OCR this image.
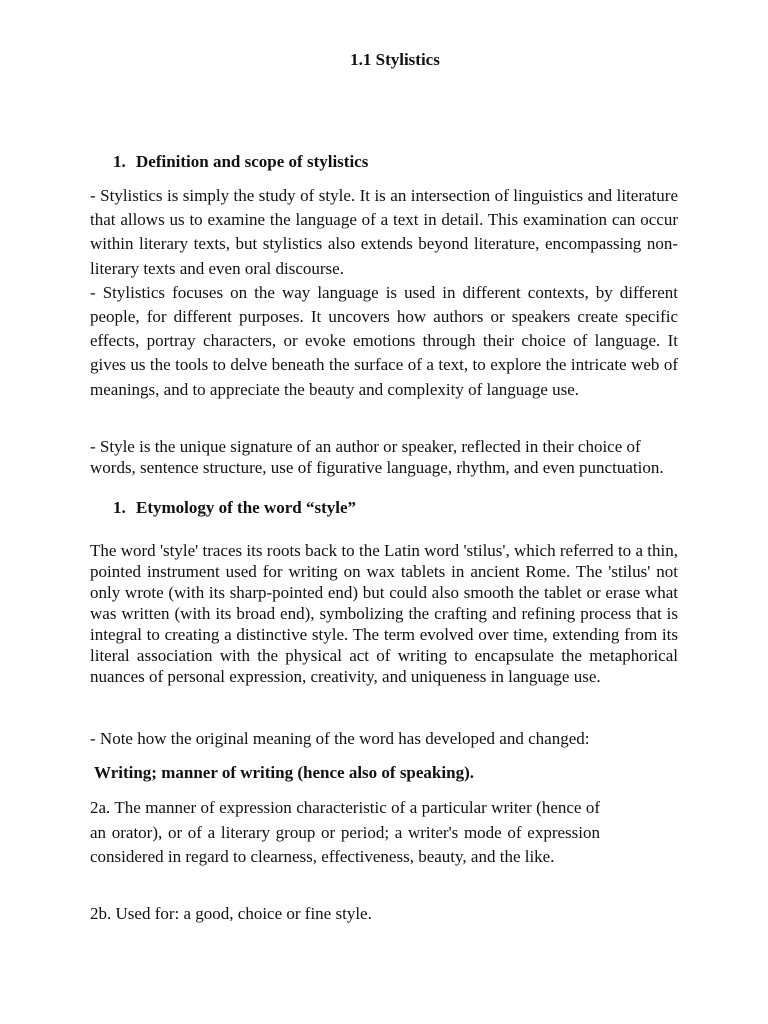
1.1 Stylistics
1. Definition and scope of stylistics

- Stylistics is simply the study of style. It is an intersection of linguistics and literature that allows us to examine the language of a text in detail. This examination can occur within literary texts, but stylistics also extends beyond literature, encompassing non-literary texts and even oral discourse.

- Stylistics focuses on the way language is used in different contexts, by different people, for different purposes. It uncovers how authors or speakers create specific effects, portray characters, or evoke emotions through their choice of language. It gives us the tools to delve beneath the surface of a text, to explore the intricate web of meanings, and to appreciate the beauty and complexity of language use.

- Style is the unique signature of an author or speaker, reflected in their choice of words, sentence structure, use of figurative language, rhythm, and even punctuation.
1. Etymology of the word “style”
The word 'style' traces its roots back to the Latin word 'stilus', which referred to a thin, pointed instrument used for writing on wax tablets in ancient Rome. The 'stilus' not only wrote (with its sharp-pointed end) but could also smooth the tablet or erase what was written (with its broad end), symbolizing the crafting and refining process that is integral to creating a distinctive style. The term evolved over time, extending from its literal association with the physical act of writing to encapsulate the metaphorical nuances of personal expression, creativity, and uniqueness in language use.
- Note how the original meaning of the word has developed and changed:
Writing; manner of writing (hence also of speaking).
2a. The manner of expression characteristic of a particular writer (hence of an orator), or of a literary group or period; a writer's mode of expression considered in regard to clearness, effectiveness, beauty, and the like.
2b. Used for: a good, choice or fine style.
